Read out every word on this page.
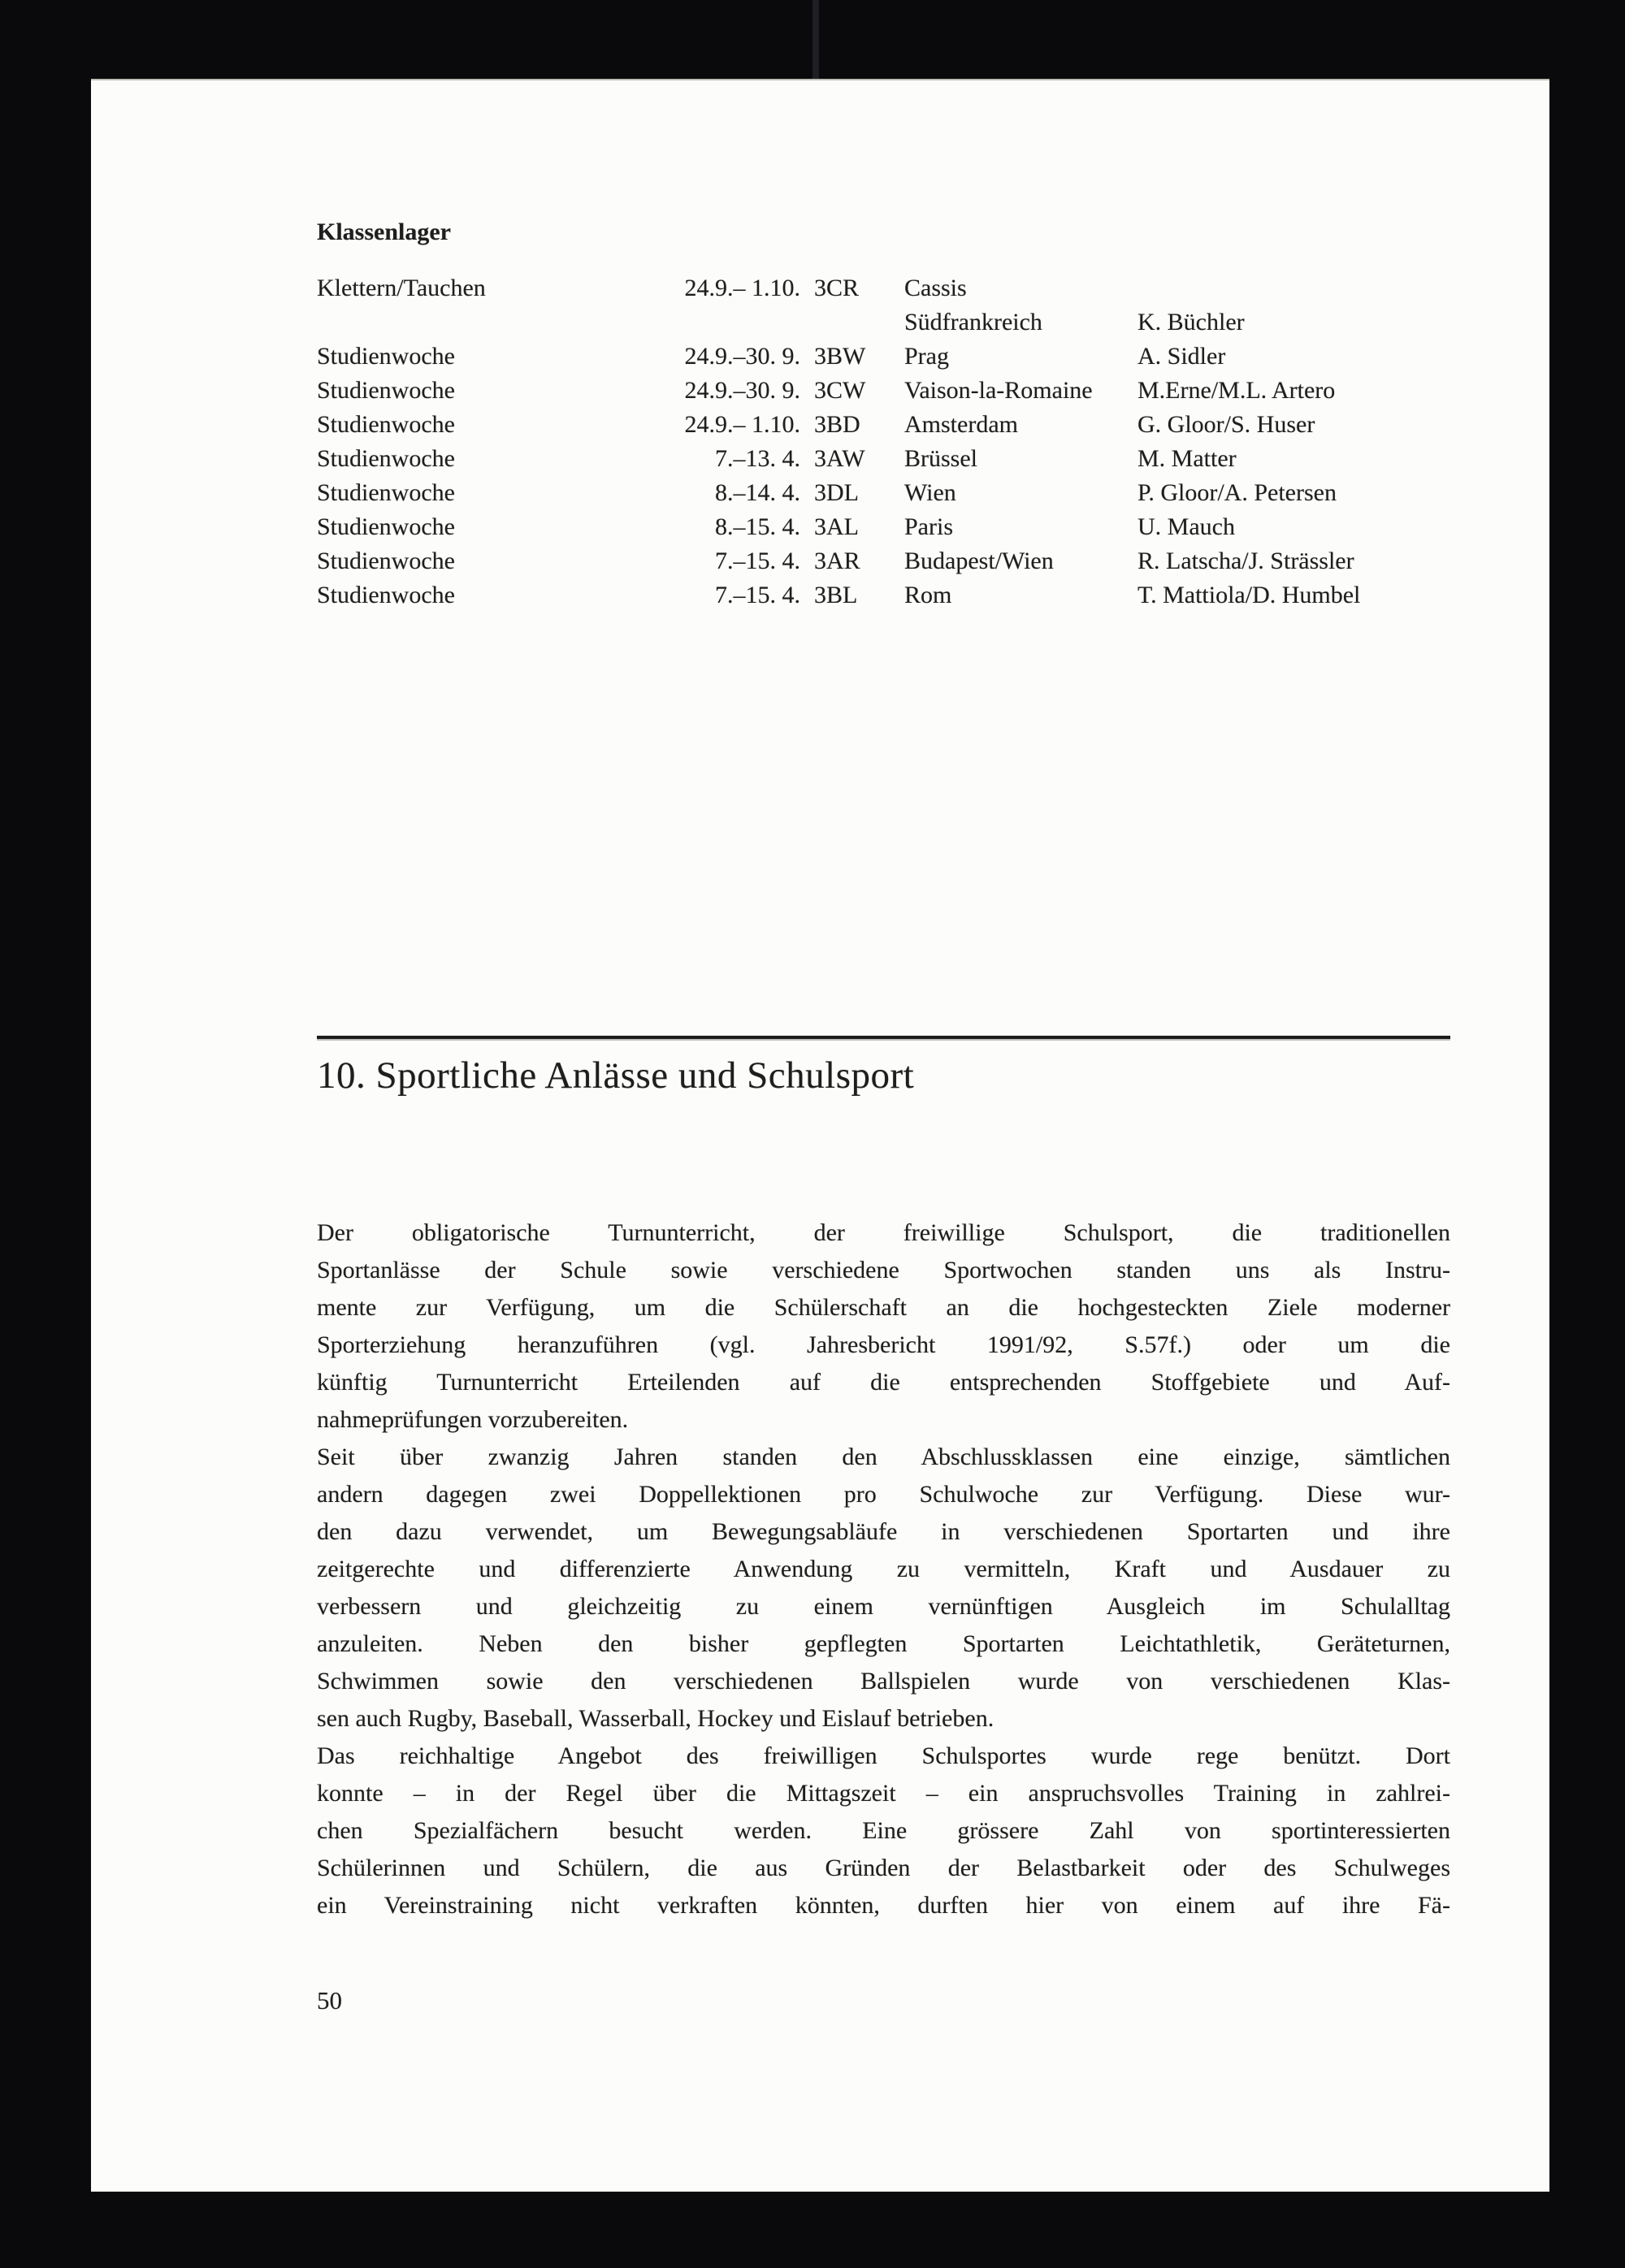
Klassenlager
Klettern/Tauchen	24.9.– 1.10. 3CR	Cassis
Südfrankreich	K. Büchler
Studienwoche	24.9.–30. 9. 3BW	Prag	A. Sidler
Studienwoche	24.9.–30. 9. 3CW	Vaison-la-Romaine	M.Erne/M.L. Artero
Studienwoche	24.9.– 1.10. 3BD	Amsterdam	G. Gloor/S. Huser
Studienwoche	7.–13. 4. 3AW	Brüssel	M. Matter
Studienwoche	8.–14. 4. 3DL	Wien	P. Gloor/A. Petersen
Studienwoche	8.–15. 4. 3AL	Paris	U. Mauch
Studienwoche	7.–15. 4. 3AR	Budapest/Wien	R. Latscha/J. Strässler
Studienwoche	7.–15. 4. 3BL	Rom	T. Mattiola/D. Humbel
10. Sportliche Anlässe und Schulsport
Der obligatorische Turnunterricht, der freiwillige Schulsport, die traditionellen
Sportanlässe der Schule sowie verschiedene Sportwochen standen uns als Instru-
mente zur Verfügung, um die Schülerschaft an die hochgesteckten Ziele moderner
Sporterziehung heranzuführen (vgl. Jahresbericht 1991/92, S.57f.) oder um die
künftig Turnunterricht Erteilenden auf die entsprechenden Stoffgebiete und Auf-
nahmeprüfungen vorzubereiten.
Seit über zwanzig Jahren standen den Abschlussklassen eine einzige, sämtlichen
andern dagegen zwei Doppellektionen pro Schulwoche zur Verfügung. Diese wur-
den dazu verwendet, um Bewegungsabläufe in verschiedenen Sportarten und ihre
zeitgerechte und differenzierte Anwendung zu vermitteln, Kraft und Ausdauer zu
verbessern und gleichzeitig zu einem vernünftigen Ausgleich im Schulalltag
anzuleiten. Neben den bisher gepflegten Sportarten Leichtathletik, Geräteturnen,
Schwimmen sowie den verschiedenen Ballspielen wurde von verschiedenen Klas-
sen auch Rugby, Baseball, Wasserball, Hockey und Eislauf betrieben.
Das reichhaltige Angebot des freiwilligen Schulsportes wurde rege benützt. Dort
konnte – in der Regel über die Mittagszeit – ein anspruchsvolles Training in zahlrei-
chen Spezialfächern besucht werden. Eine grössere Zahl von sportinteressierten
Schülerinnen und Schülern, die aus Gründen der Belastbarkeit oder des Schulweges
ein Vereinstraining nicht verkraften könnten, durften hier von einem auf ihre Fä-
50
